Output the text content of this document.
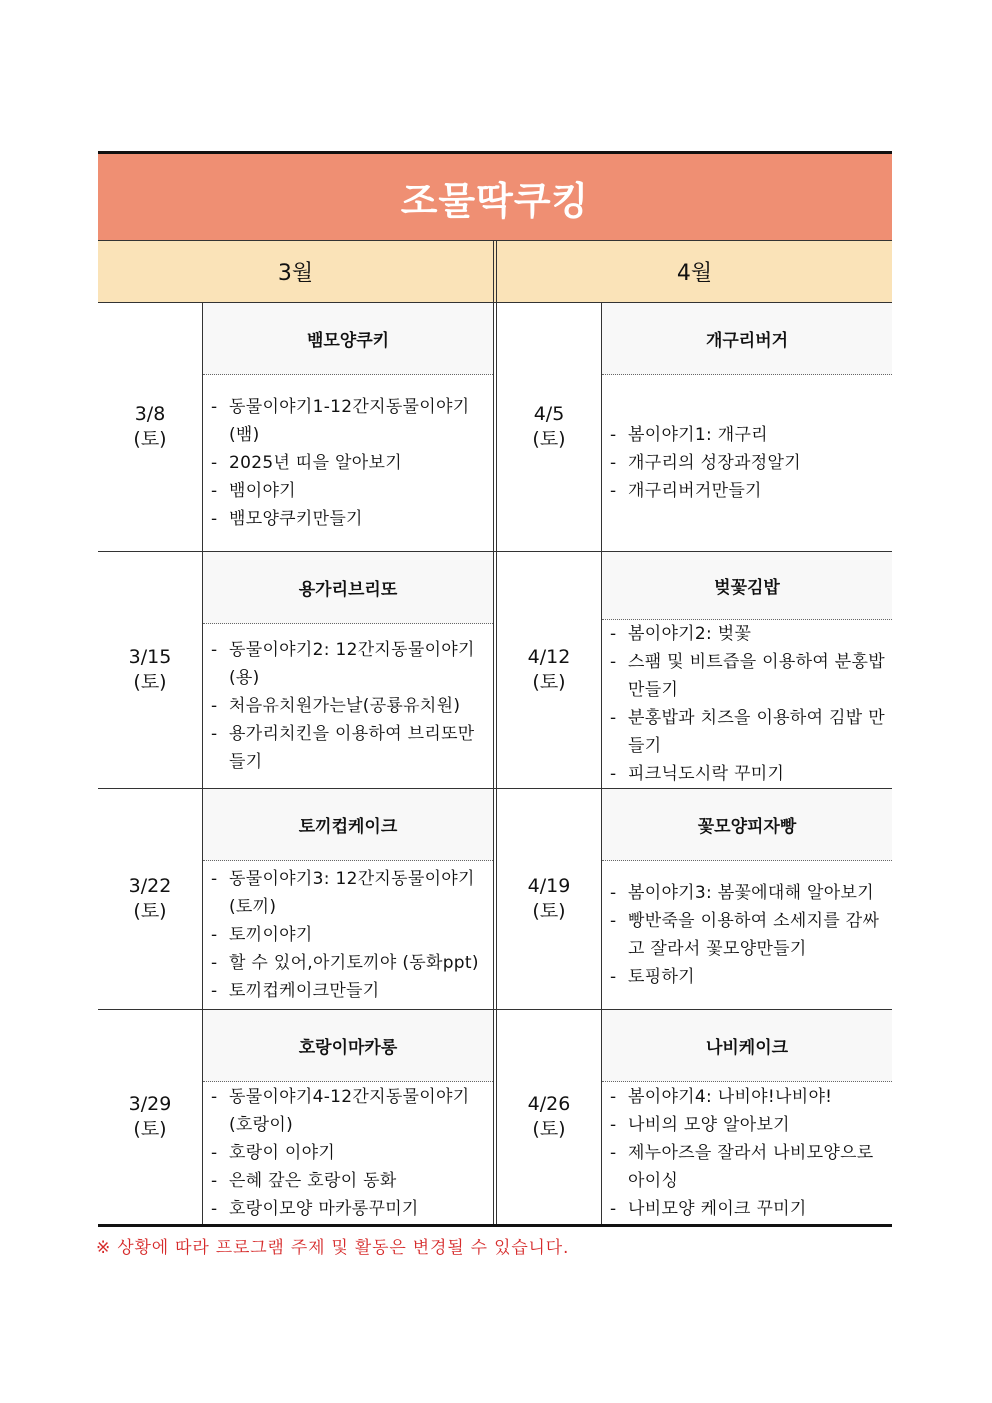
조물딱쿠킹
3월	4월
3/8
(토)
뱀모양쿠키
- 동물이야기1-12간지동물이야기(뱀)
- 2025년 띠을 알아보기
- 뱀이야기
- 뱀모양쿠키만들기
4/5
(토)
개구리버거
- 봄이야기1: 개구리
- 개구리의 성장과정알기
- 개구리버거만들기
3/15
(토)
용가리브리또
- 동물이야기2: 12간지동물이야기(용)
- 처음유치원가는날(공룡유치원)
- 용가리치킨을 이용하여 브리또만들기
4/12
(토)
벚꽃김밥
- 봄이야기2: 벚꽃
- 스팸 및 비트즙을 이용하여 분홍밥 만들기
- 분홍밥과 치즈을 이용하여 김밥 만들기
- 피크닉도시락 꾸미기
3/22
(토)
토끼컵케이크
- 동물이야기3: 12간지동물이야기(토끼)
- 토끼이야기
- 할 수 있어,아기토끼야 (동화ppt)
- 토끼컵케이크만들기
4/19
(토)
꽃모양피자빵
- 봄이야기3: 봄꽃에대해 알아보기
- 빵반죽을 이용하여 소세지를 감싸고 잘라서 꽃모양만들기
- 토핑하기
3/29
(토)
호랑이마카롱
- 동물이야기4-12간지동물이야기(호랑이)
- 호랑이 이야기
- 은혜 갚은 호랑이 동화
- 호랑이모양 마카롱꾸미기
4/26
(토)
나비케이크
- 봄이야기4: 나비야!나비야!
- 나비의 모양 알아보기
- 제누아즈을 잘라서 나비모양으로 아이싱
- 나비모양 케이크 꾸미기
※ 상황에 따라 프로그램 주제 및 활동은 변경될 수 있습니다.
